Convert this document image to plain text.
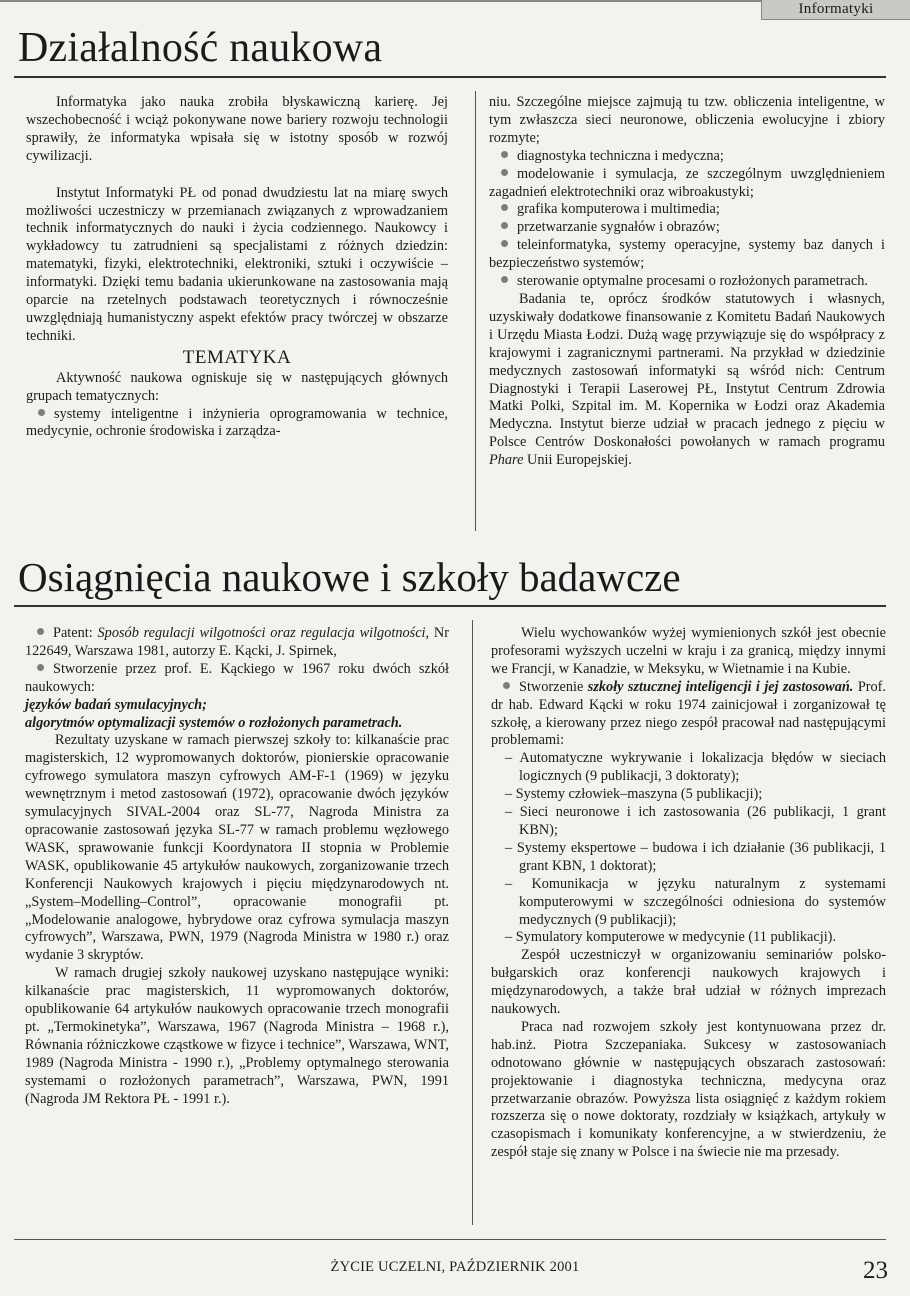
Informatyki
Działalność naukowa

Informatyka jako nauka zrobiła błyskawiczną karierę. Jej wszechobecność i wciąż pokonywane nowe bariery rozwoju technologii sprawiły, że informatyka wpisała się w istotny sposób w rozwój cywilizacji.

Instytut Informatyki PŁ od ponad dwudziestu lat na miarę swych możliwości uczestniczy w przemianach związanych z wprowadzaniem technik informatycznych do nauki i życia codziennego. Naukowcy i wykładowcy tu zatrudnieni są specjalistami z różnych dziedzin: matematyki, fizyki, elektrotechniki, elektroniki, sztuki i oczywiście – informatyki. Dzięki temu badania ukierunkowane na zastosowania mają oparcie na rzetelnych podstawach teoretycznych i równocześnie uwzględniają humanistyczny aspekt efektów pracy twórczej w obszarze techniki.

TEMATYKA

Aktywność naukowa ogniskuje się w następujących głównych grupach tematycznych:

systemy inteligentne i inżynieria oprogramowania w technice, medycynie, ochronie środowiska i zarządza-

niu. Szczególne miejsce zajmują tu tzw. obliczenia inteligentne, w tym zwłaszcza sieci neuronowe, obliczenia ewolucyjne i zbiory rozmyte;

diagnostyka techniczna i medyczna;

modelowanie i symulacja, ze szczególnym uwzględnieniem zagadnień elektrotechniki oraz wibroakustyki;

grafika komputerowa i multimedia;

przetwarzanie sygnałów i obrazów;

teleinformatyka, systemy operacyjne, systemy baz danych i bezpieczeństwo systemów;

sterowanie optymalne procesami o rozłożonych parametrach.

Badania te, oprócz środków statutowych i własnych, uzyskiwały dodatkowe finansowanie z Komitetu Badań Naukowych i Urzędu Miasta Łodzi. Dużą wagę przywiązuje się do współpracy z krajowymi i zagranicznymi partnerami. Na przykład w dziedzinie medycznych zastosowań informatyki są wśród nich: Centrum Diagnostyki i Terapii Laserowej PŁ, Instytut Centrum Zdrowia Matki Polki, Szpital im. M. Kopernika w Łodzi oraz Akademia Medyczna. Instytut bierze udział w pracach jednego z pięciu w Polsce Centrów Doskonałości powołanych w ramach programu Phare Unii Europejskiej.

Osiągnięcia naukowe i szkoły badawcze

Patent: Sposób regulacji wilgotności oraz regulacja wilgotności, Nr 122649, Warszawa 1981, autorzy E. Kącki, J. Spirnek,

Stworzenie przez prof. E. Kąckiego w 1967 roku dwóch szkół naukowych:

języków badań symulacyjnych;

algorytmów optymalizacji systemów o rozłożonych parametrach.

Rezultaty uzyskane w ramach pierwszej szkoły to: kilkanaście prac magisterskich, 12 wypromowanych doktorów, pionierskie opracowanie cyfrowego symulatora maszyn cyfrowych AM-F-1 (1969) w języku wewnętrznym i metod zastosowań (1972), opracowanie dwóch języków symulacyjnych SIVAL-2004 oraz SL-77, Nagroda Ministra za opracowanie zastosowań języka SL-77 w ramach problemu węzłowego WASK, sprawowanie funkcji Koordynatora II stopnia w Problemie WASK, opublikowanie 45 artykułów naukowych, zorganizowanie trzech Konferencji Naukowych krajowych i pięciu międzynarodowych nt. „System–Modelling–Control”, opracowanie monografii pt. „Modelowanie analogowe, hybrydowe oraz cyfrowa symulacja maszyn cyfrowych”, Warszawa, PWN, 1979 (Nagroda Ministra w 1980 r.) oraz wydanie 3 skryptów.

W ramach drugiej szkoły naukowej uzyskano następujące wyniki: kilkanaście prac magisterskich, 11 wypromowanych doktorów, opublikowanie 64 artykułów naukowych opracowanie trzech monografii pt. „Termokinetyka”, Warszawa, 1967 (Nagroda Ministra – 1968 r.), Równania różniczkowe cząstkowe w fizyce i technice”, Warszawa, WNT, 1989 (Nagroda Ministra - 1990 r.), „Problemy optymalnego sterowania systemami o rozłożonych parametrach”, Warszawa, PWN, 1991 (Nagroda JM Rektora PŁ - 1991 r.).

Wielu wychowanków wyżej wymienionych szkół jest obecnie profesorami wyższych uczelni w kraju i za granicą, między innymi we Francji, w Kanadzie, w Meksyku, w Wietnamie i na Kubie.

Stworzenie szkoły sztucznej inteligencji i jej zastosowań. Prof. dr hab. Edward Kącki w roku 1974 zainicjował i zorganizował tę szkołę, a kierowany przez niego zespół pracował nad następującymi problemami:

– Automatyczne wykrywanie i lokalizacja błędów w sieciach logicznych (9 publikacji, 3 doktoraty);
– Systemy człowiek–maszyna (5 publikacji);
– Sieci neuronowe i ich zastosowania (26 publikacji, 1 grant KBN);
– Systemy ekspertowe – budowa i ich działanie (36 publikacji, 1 grant KBN, 1 doktorat);
– Komunikacja w języku naturalnym z systemami komputerowymi w szczególności odniesiona do systemów medycznych (9 publikacji);
– Symulatory komputerowe w medycynie (11 publikacji).

Zespół uczestniczył w organizowaniu seminariów polsko-bułgarskich oraz konferencji naukowych krajowych i międzynarodowych, a także brał udział w różnych imprezach naukowych.

Praca nad rozwojem szkoły jest kontynuowana przez dr. hab.inż. Piotra Szczepaniaka. Sukcesy w zastosowaniach odnotowano głównie w następujących obszarach zastosowań: projektowanie i diagnostyka techniczna, medycyna oraz przetwarzanie obrazów. Powyższa lista osiągnięć z każdym rokiem rozszerza się o nowe doktoraty, rozdziały w książkach, artykuły w czasopismach i komunikaty konferencyjne, a w stwierdzeniu, że zespół staje się znany w Polsce i na świecie nie ma przesady.

ŻYCIE UCZELNI, PAŹDZIERNIK 2001	23
